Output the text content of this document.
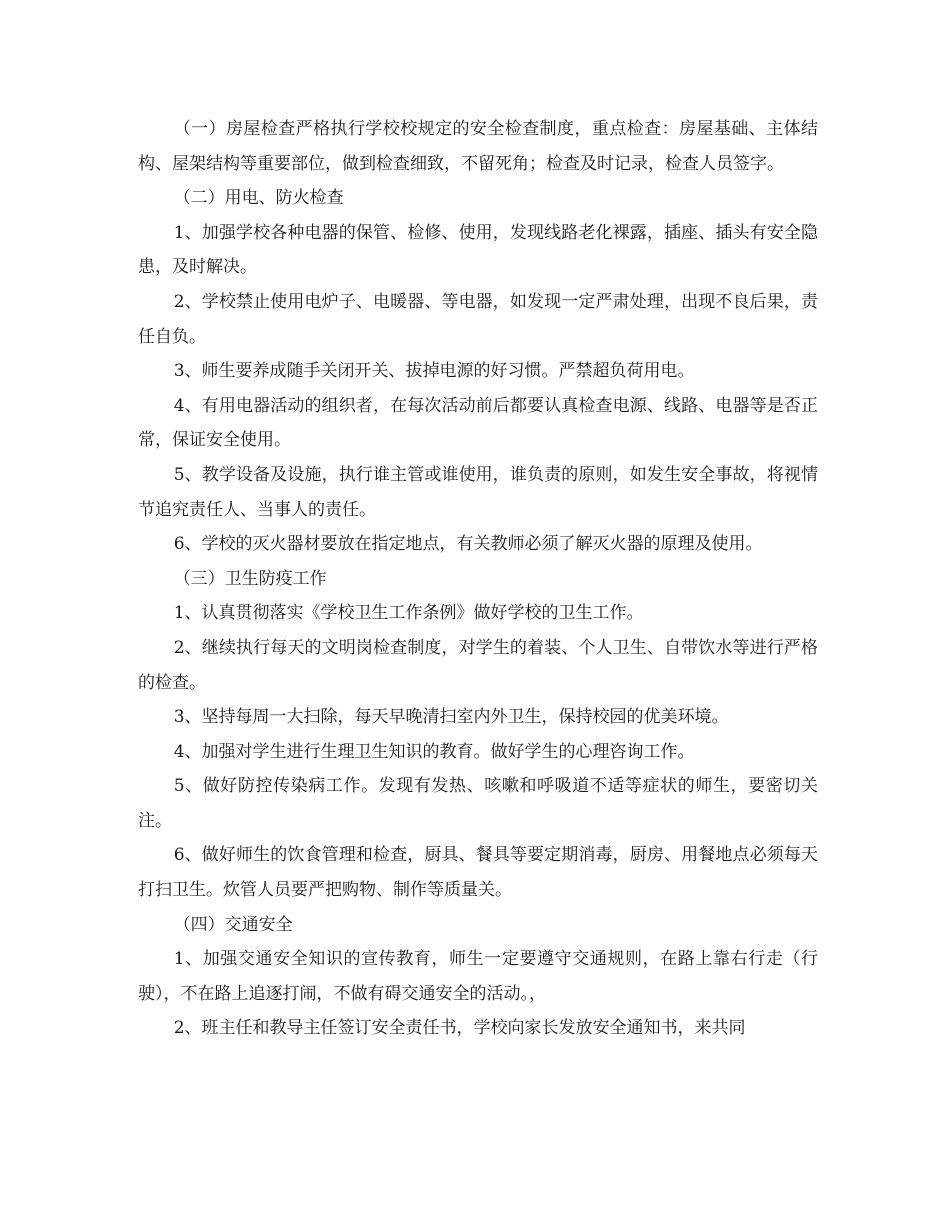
（一）房屋检查严格执行学校校规定的安全检查制度，重点检查：房屋基础、主体结构、屋架结构等重要部位，做到检查细致，不留死角；检查及时记录，检查人员签字。

（二）用电、防火检查

1、加强学校各种电器的保管、检修、使用，发现线路老化裸露，插座、插头有安全隐患，及时解决。

2、学校禁止使用电炉子、电暖器、等电器，如发现一定严肃处理，出现不良后果，责任自负。

3、师生要养成随手关闭开关、拔掉电源的好习惯。严禁超负荷用电。

4、有用电器活动的组织者，在每次活动前后都要认真检查电源、线路、电器等是否正常，保证安全使用。

5、教学设备及设施，执行谁主管或谁使用，谁负责的原则，如发生安全事故，将视情节追究责任人、当事人的责任。

6、学校的灭火器材要放在指定地点，有关教师必须了解灭火器的原理及使用。

（三）卫生防疫工作

1、认真贯彻落实《学校卫生工作条例》做好学校的卫生工作。

2、继续执行每天的文明岗检查制度，对学生的着装、个人卫生、自带饮水等进行严格的检查。

3、坚持每周一大扫除，每天早晚清扫室内外卫生，保持校园的优美环境。

4、加强对学生进行生理卫生知识的教育。做好学生的心理咨询工作。

5、做好防控传染病工作。发现有发热、咳嗽和呼吸道不适等症状的师生，要密切关注。

6、做好师生的饮食管理和检查，厨具、餐具等要定期消毒，厨房、用餐地点必须每天打扫卫生。炊管人员要严把购物、制作等质量关。

（四）交通安全

1、加强交通安全知识的宣传教育，师生一定要遵守交通规则，在路上靠右行走（行驶），不在路上追逐打闹，不做有碍交通安全的活动。，

2、班主任和教导主任签订安全责任书，学校向家长发放安全通知书，来共同
